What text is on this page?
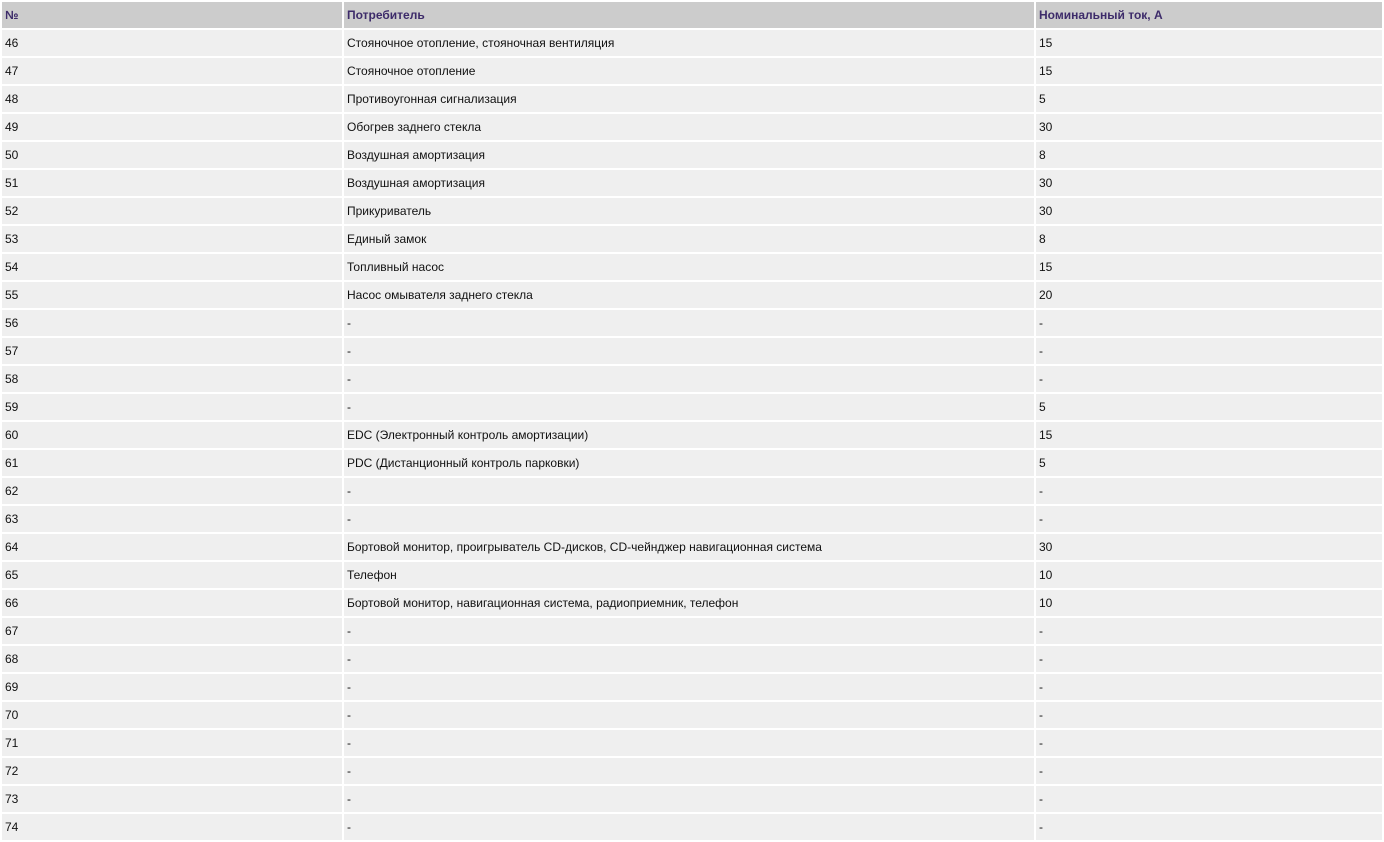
№	Потребитель	Номинальный ток, А
46	Стояночное отопление, стояночная вентиляция	15
47	Стояночное отопление	15
48	Противоугонная сигнализация	5
49	Обогрев заднего стекла	30
50	Воздушная амортизация	8
51	Воздушная амортизация	30
52	Прикуриватель	30
53	Единый замок	8
54	Топливный насос	15
55	Насос омывателя заднего стекла	20
56	-	-
57	-	-
58	-	-
59	-	5
60	EDC (Электронный контроль амортизации)	15
61	PDC (Дистанционный контроль парковки)	5
62	-	-
63	-	-
64	Бортовой монитор, проигрыватель CD-дисков, CD-чейнджер навигационная система	30
65	Телефон	10
66	Бортовой монитор, навигационная система, радиоприемник, телефон	10
67	-	-
68	-	-
69	-	-
70	-	-
71	-	-
72	-	-
73	-	-
74	-	-
